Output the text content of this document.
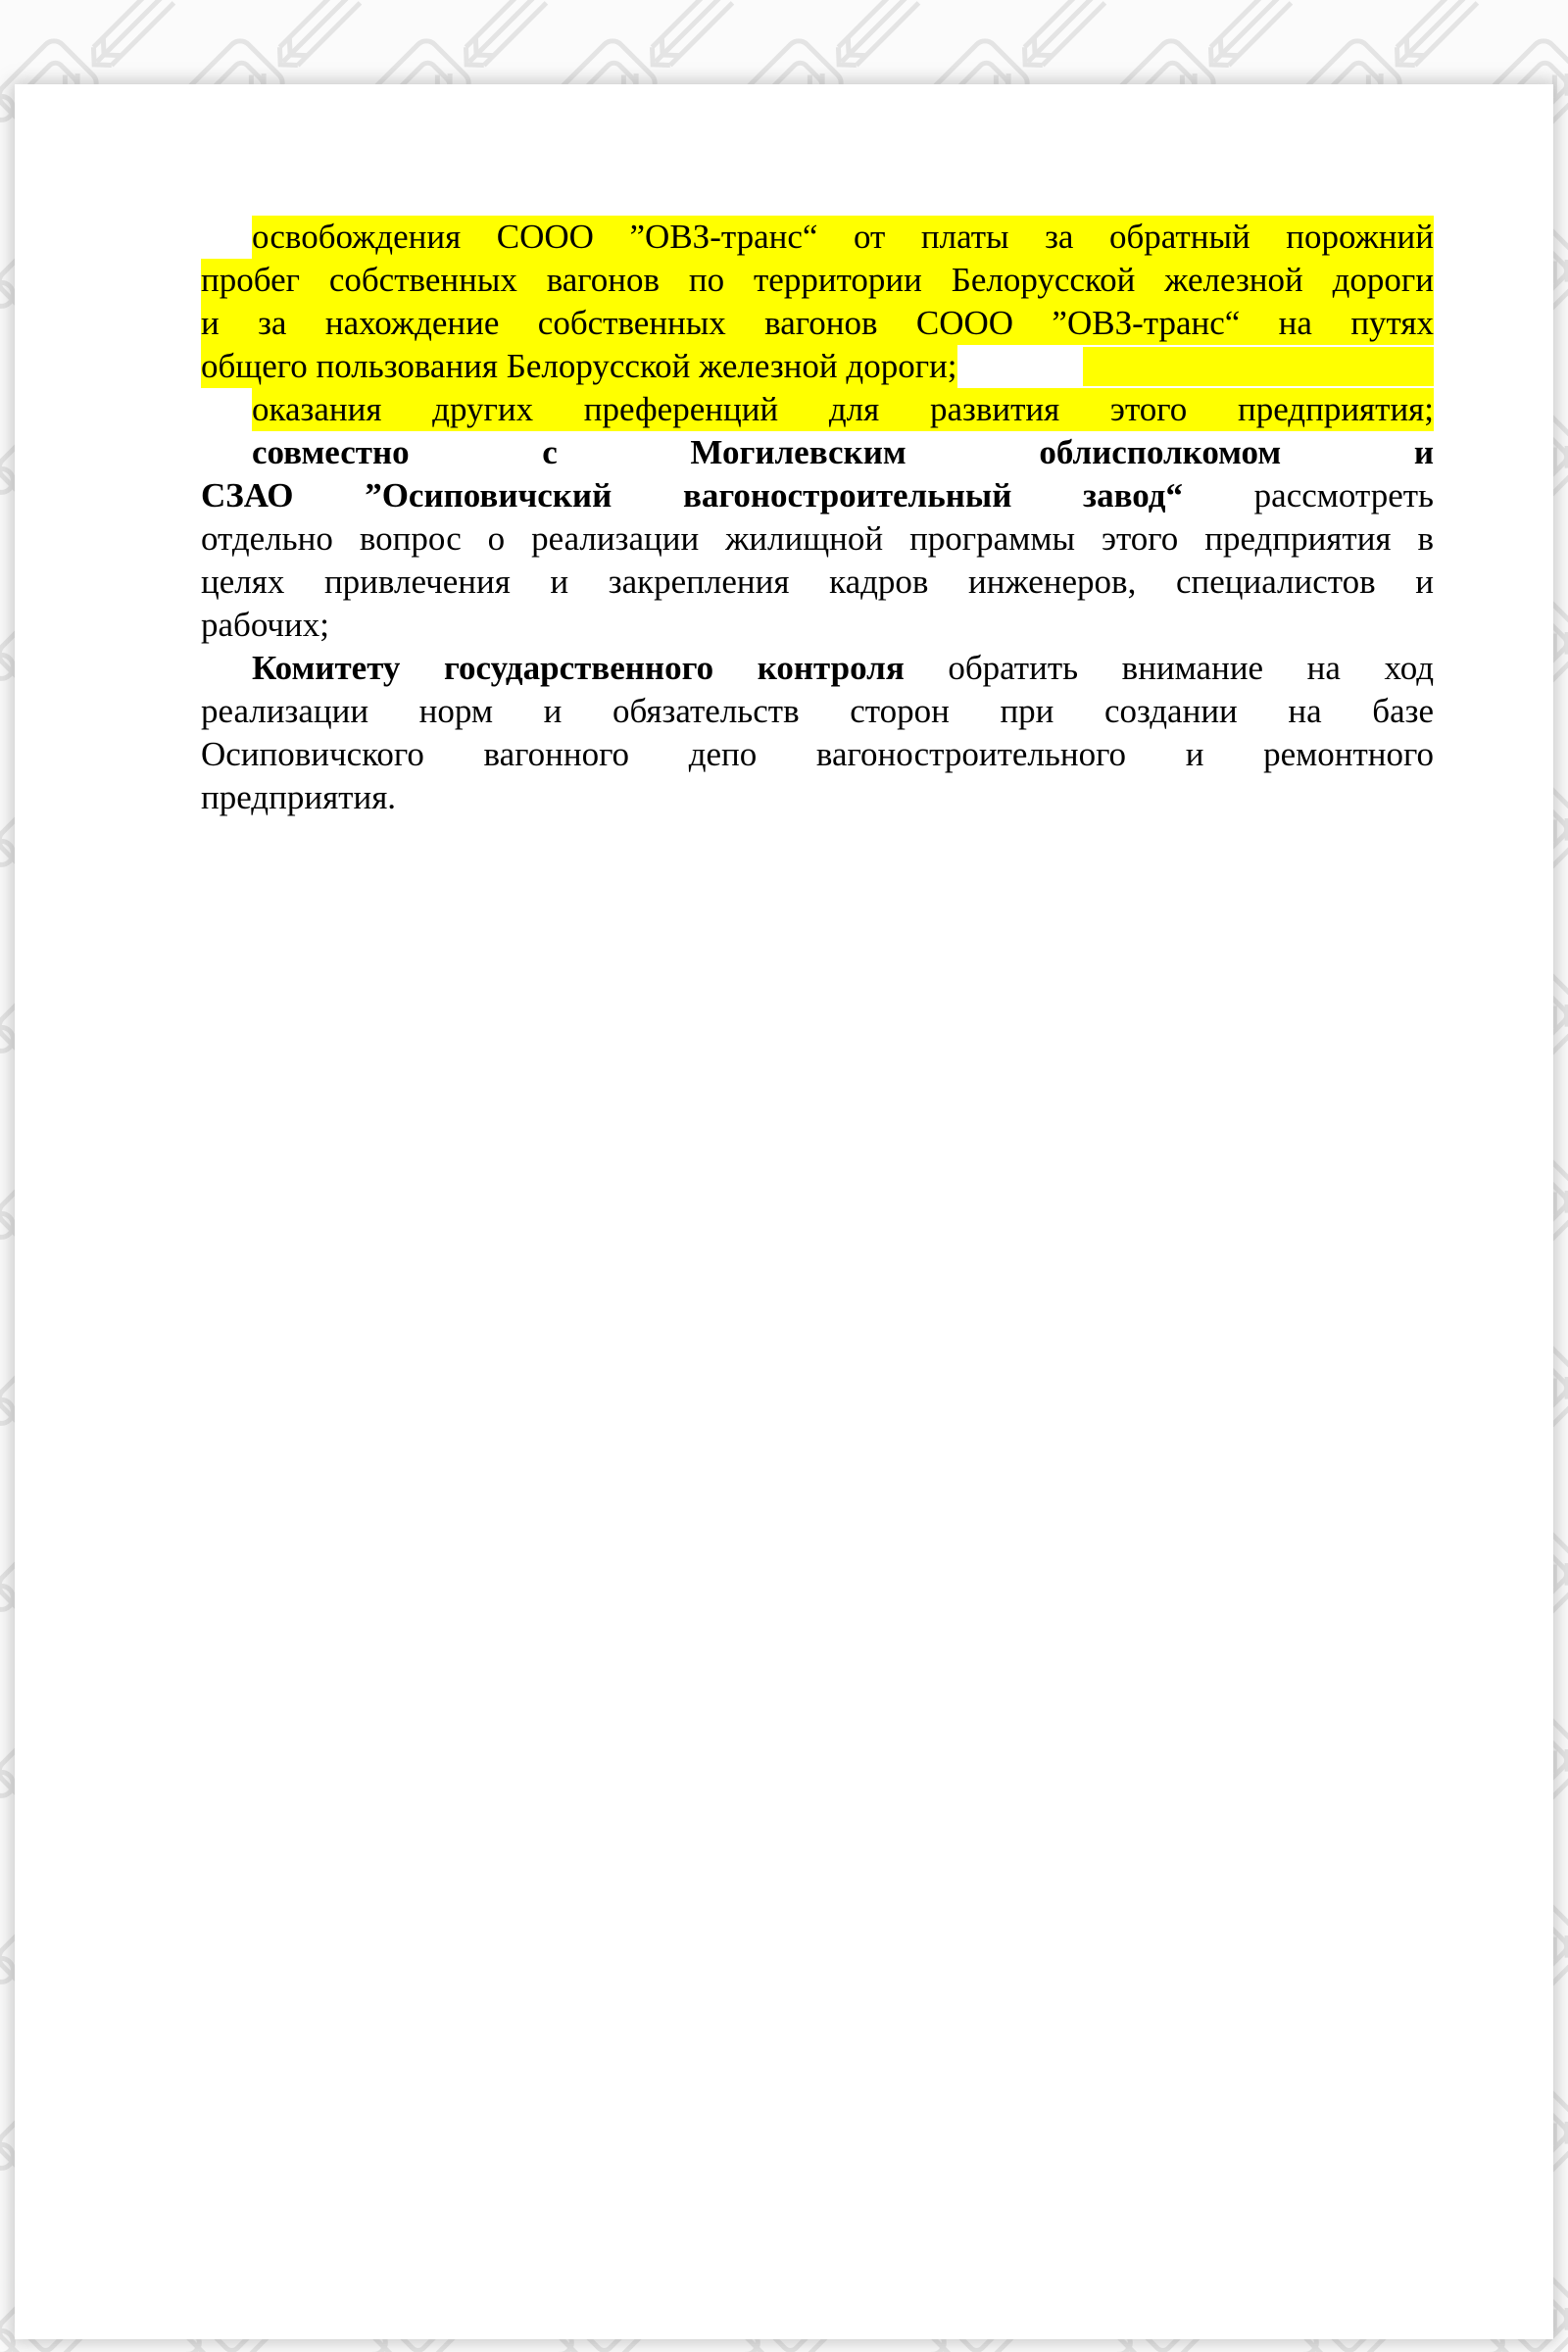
освобождения СООО ”ОВЗ-транс“ от платы за обратный порожний
пробег собственных вагонов по территории Белорусской железной дороги
и за нахождение собственных вагонов СООО ”ОВЗ-транс“ на путях
общего пользования Белорусской железной дороги;
оказания других преференций для развития этого предприятия;
совместно с Могилевским облисполкомом и
СЗАО ”Осиповичский вагоностроительный завод“ рассмотреть
отдельно вопрос о реализации жилищной программы этого предприятия в
целях привлечения и закрепления кадров инженеров, специалистов и
рабочих;
Комитету государственного контроля обратить внимание на ход
реализации норм и обязательств сторон при создании на базе
Осиповичского вагонного депо вагоностроительного и ремонтного
предприятия.
